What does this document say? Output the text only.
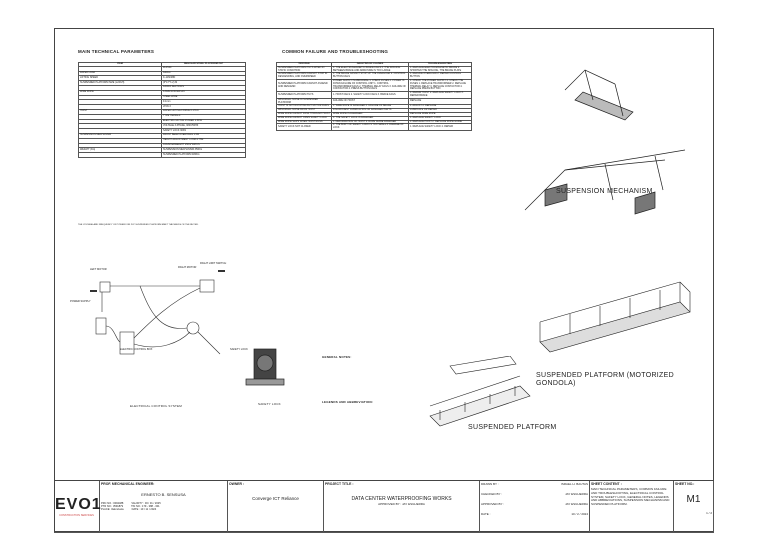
MAIN TECHNICAL PARAMETERS
ITEM	REGULAR STEEL PLATFORM ZLP
	ZLP630
RATED LOAD	630KG
LIFTING SPEED	9~11M/MIN
SUSPENDED PLATFORM SIZE (LxWxH)	(6*0.7*1.2) M
	120M/3 SECTIONS
WIRE ROPE	8.6MM 4X31SW+FC
	STEEL WIRE
	9.1mm
	LTD6.3
HOIST	RATED LIFTING FORCE 6.17KN
	TYPE YEJ90L-4
	ELECTRIC MOTOR POWER 1.5KW
	VOLTAGE 3-PHASE, 380V/50HZ
	SAFETY LOCK 30KN
SUSPENSION MECHANISM	FRONT BEAM OVERHANG 1.5M
	HEIGHT ADJUSTMENT 1.15M-1.75M
	COUNTERWEIGHT 25KG*40PCS
WEIGHT (KG)	SUSPENSION MECHANISM 350KG
	SUSPENDED PLATFORM 480KG
THE VOLTAGE AND FREQUENCY OF POWER FOR ZLP SUSPENDED PLATFORM MEET THE NEEDS OF THE BUYER.
COMMON FAILURE AND TROUBLESHOOTING
TROUBLE	ANALYSIS OF CAUSES	TROUBLESHOOTING
SUSPENDED PLATFORM TILTS WHEN IN STATIC CONDITION	1. THE ELECTROMAGNETIC BRAKE FAILS 2. THE SPACING BETWEEN BRAKE AND ARMATURE IS TOO LARGE	1. REPLACE ELECTROMAGNETIC BRAKE 2. SHORTEN THE SPACING, THE BRAKE PLATE
SUSPENDED PLATFORM CANNOT STOP IN DESCENDING, AND OVERSPEED	1. THE BRAKE CANNOT STOP UP THE OVERLOAD 2. CONTROL BUTTON FAILS	1. REDUCE OVERLOAD 2. REPAIR CONTROL BUTTON
SUSPENDED PLATFORM CANNOT ASCEND AND DESCEND	POWER SUPPLY IS ABNORMAL 1. CHECK FUSES 2. POWER IS DOWN FAILURE OF CONTROL UNIT 1. CONTROL TRANSFORMER FAILS 2. THERMAL RELAY FAILS 3. FAILURE OF CONTACTOR 4. PRESS BUTTON FAILS	1. CHECK THE POWER SUPPLY 2. CHECK THE FUSES 1. REPLACE TRANSFORMER 2. REPLACE THERMAL RELAY 3. REPLACE CONTACTOR 4. REPLACE PRESS BUTTON
SUSPENDED PLATFORM TILTS	1. HOIST FAILS 2. SAFETY LOCK FAILS 3. BRAKE FAILS	1. REPAIR HOIST 2. REPLACE SAFETY LOCK 3. REPAIR BRAKE
ABNORMAL NOISE IN SUSPENDED PLATFORM	FAILURE OF HOIST	REPLACE
HOIST IS NOT ROTATING BUT MOTOR RUNS	1. WIRE ROPE IS DAMAGED 2. FAILURE OF BRAKE	1. ADJUST 2. REPLACE
ABNORMAL NOISE FROM HOIST	INSUFFICIENT LUBRICATION OR DAMAGED PARTS	LUBRICATE OR REPAIR
WIRE ROPE CANNOT PASS THROUGH HOIST	WIRE ROPE IS DAMAGED	REPLACE WIRE ROPE
WIRE ROPE CANNOT OPEN SAFETY LOCK	1. THE SAFETY LOCK IS DAMAGED	1. REPLACE SAFETY LOCK
WIRE ROPE SLIPS WHEN HOIST RUNS	1. DEFORMATION OF HOIST 2. ROPE GUIDE DAMAGED	1. REPLACE HOIST 2. REPLACE ROPE GUIDE
SAFETY LOCK NOT CLOSED	1. THE BODY OF SAFETY LOCK IS TOO SMALL 2. DAMAGE OF LOCK	1. REPLACE SAFETY LOCK 2. REPAIR
LEFT MOTOR
RIGHT MOTOR
RIGHT LIMIT SWITCH
POWER SUPPLY
ELECTRIC CONTROL BOX
ELECTRICAL CONTROL SYSTEM
SAFETY LOCK
SAFETY LOCK
GENERAL NOTES:
LEGENDS AND ABBREVIATION:
SUSPENSION MECHANISM
SUSPENDED PLATFORM (MOTORIZED GONDOLA)
SUSPENDED PLATFORM
EVO1
CONSTRUCTION SERVICES
PROF. MECHANICAL ENGINEER:
ERNESTO B. SENSUSA
PRC NO.: 0092488	VALIDITY : 03 / 31 / 2025
PTR NO.: 3591879	TIN NO.: 179 - 388 - 301
PLACE: Valenzuela	DATE : 10 / 11 / 2024
OWNER :
Converge ICT Reliance
PROJECT TITLE :
DATA CENTER WATERPROOFING WORKS
APPROVED BY : JAY ESGUERRA
DRAWN BY :	ISRAEL H. BAUTAS
CHECKED BY :	JAY ESGUERRA
APPROVED BY :	JAY ESGUERRA
DATE :	10 / 2 / 2024
SHEET CONTENT :
MAIN TECHNICAL PARAMETERS, COMMON FAILURE AND TROUBLESHOOTING, ELECTRICAL CONTROL SYSTEM, SAFETY LOCK, GENERAL NOTES, LEGENDS AND ABBREVIATIONS, SUSPENSION MECHANISM AND SUSPENDED PLATFORM.
SHEET NO.:
M1
1 / 2
